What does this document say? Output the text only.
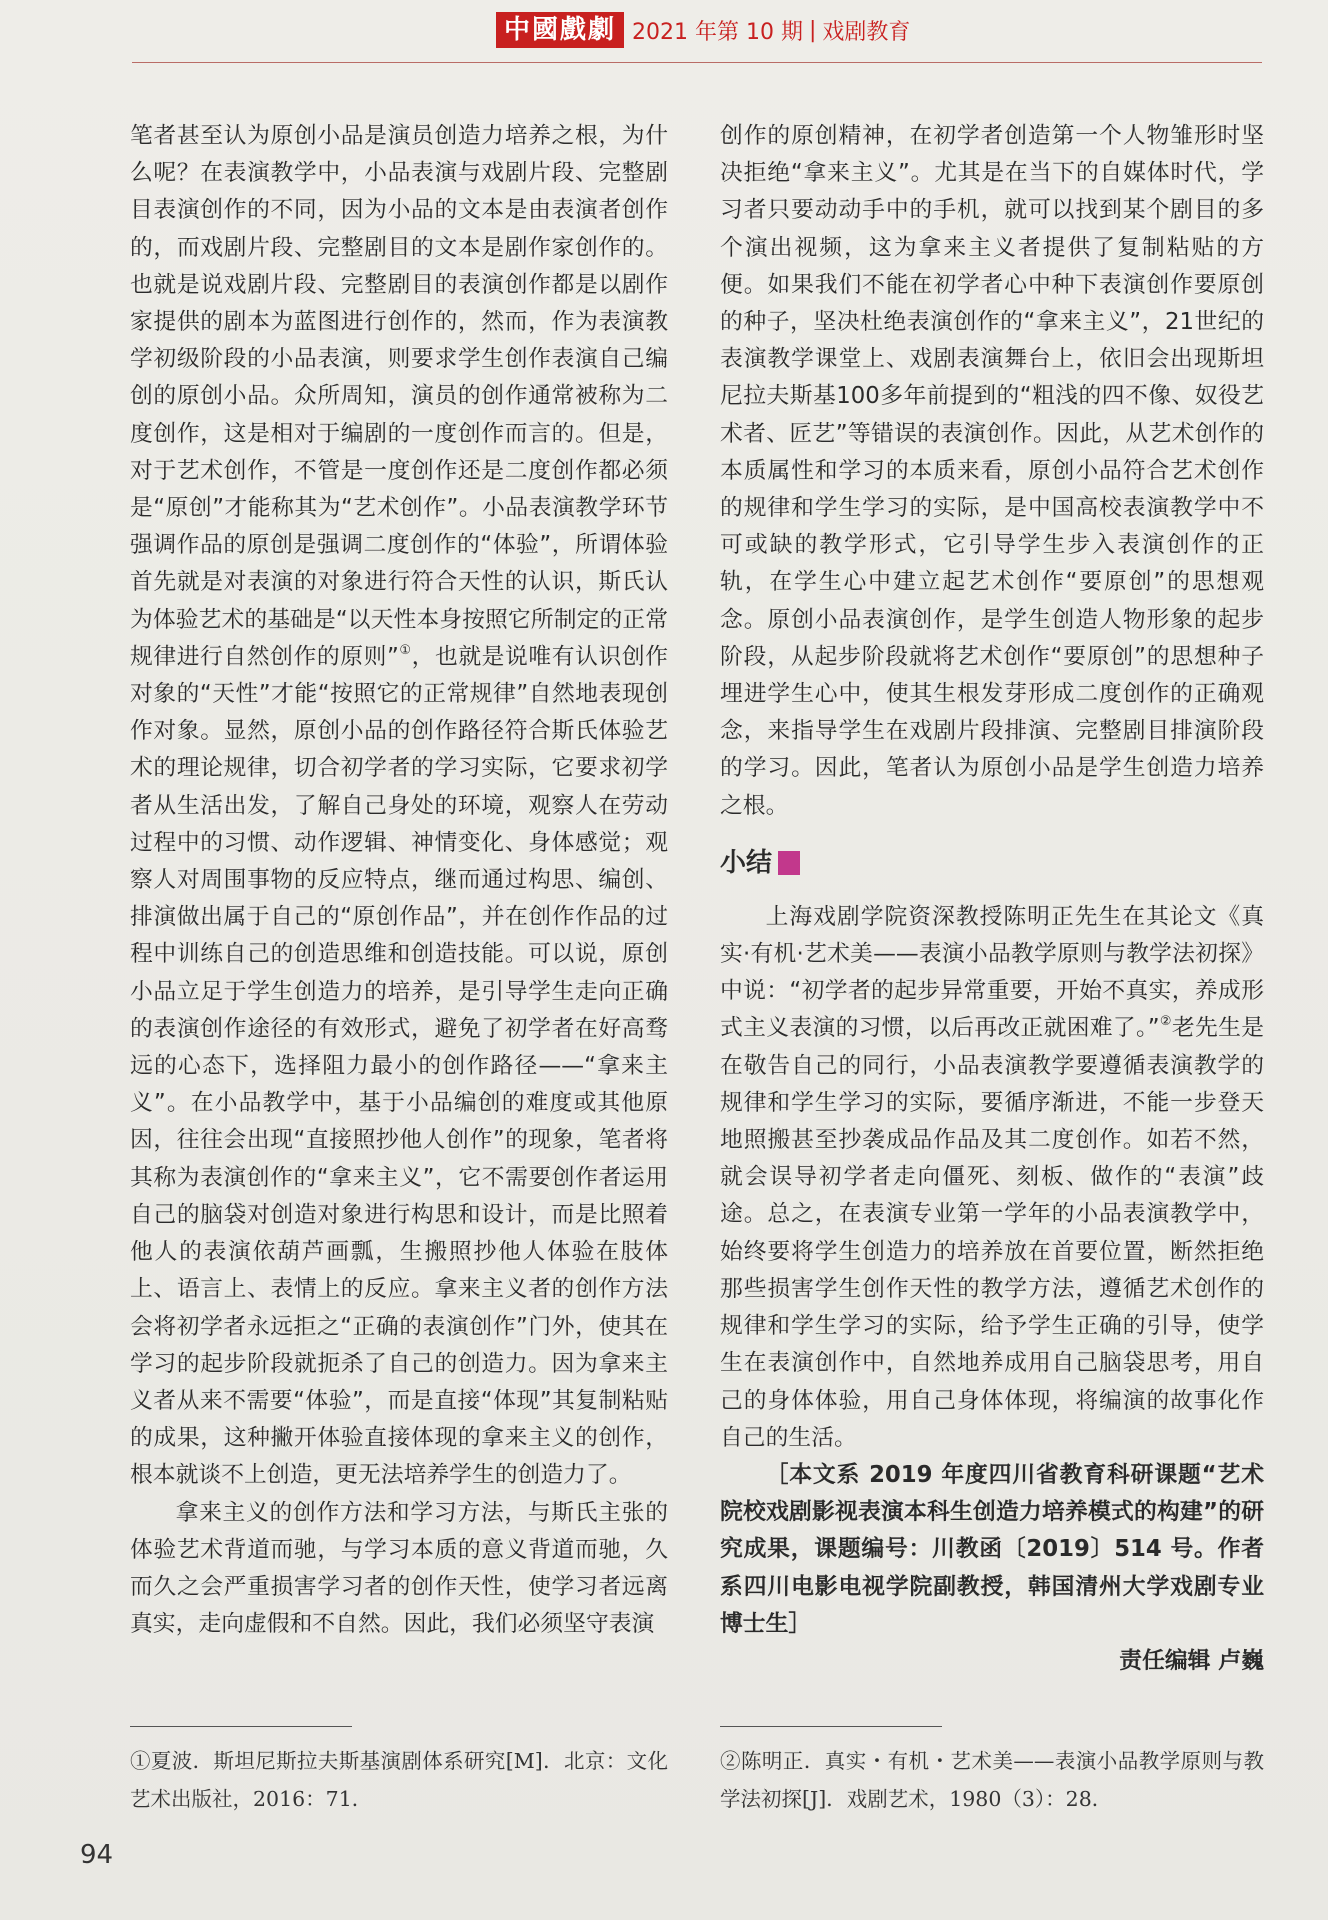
中國戲劇 2021 年第 10 期 | 戏剧教育

笔者甚至认为原创小品是演员创造力培养之根，为什么呢？在表演教学中，小品表演与戏剧片段、完整剧目表演创作的不同，因为小品的文本是由表演者创作的，而戏剧片段、完整剧目的文本是剧作家创作的。也就是说戏剧片段、完整剧目的表演创作都是以剧作家提供的剧本为蓝图进行创作的，然而，作为表演教学初级阶段的小品表演，则要求学生创作表演自己编创的原创小品。众所周知，演员的创作通常被称为二度创作，这是相对于编剧的一度创作而言的。但是，对于艺术创作，不管是一度创作还是二度创作都必须是“原创”才能称其为“艺术创作”。小品表演教学环节强调作品的原创是强调二度创作的“体验”，所谓体验首先就是对表演的对象进行符合天性的认识，斯氏认为体验艺术的基础是“以天性本身按照它所制定的正常规律进行自然创作的原则”①，也就是说唯有认识创作对象的“天性”才能“按照它的正常规律”自然地表现创作对象。显然，原创小品的创作路径符合斯氏体验艺术的理论规律，切合初学者的学习实际，它要求初学者从生活出发，了解自己身处的环境，观察人在劳动过程中的习惯、动作逻辑、神情变化、身体感觉；观察人对周围事物的反应特点，继而通过构思、编创、排演做出属于自己的“原创作品”，并在创作作品的过程中训练自己的创造思维和创造技能。可以说，原创小品立足于学生创造力的培养，是引导学生走向正确的表演创作途径的有效形式，避免了初学者在好高骛远的心态下，选择阻力最小的创作路径——“拿来主义”。在小品教学中，基于小品编创的难度或其他原因，往往会出现“直接照抄他人创作”的现象，笔者将其称为表演创作的“拿来主义”，它不需要创作者运用自己的脑袋对创造对象进行构思和设计，而是比照着他人的表演依葫芦画瓢，生搬照抄他人体验在肢体上、语言上、表情上的反应。拿来主义者的创作方法会将初学者永远拒之“正确的表演创作”门外，使其在学习的起步阶段就扼杀了自己的创造力。因为拿来主义者从来不需要“体验”，而是直接“体现”其复制粘贴的成果，这种撇开体验直接体现的拿来主义的创作，根本就谈不上创造，更无法培养学生的创造力了。

拿来主义的创作方法和学习方法，与斯氏主张的体验艺术背道而驰，与学习本质的意义背道而驰，久而久之会严重损害学习者的创作天性，使学习者远离真实，走向虚假和不自然。因此，我们必须坚守表演

创作的原创精神，在初学者创造第一个人物雏形时坚决拒绝“拿来主义”。尤其是在当下的自媒体时代，学习者只要动动手中的手机，就可以找到某个剧目的多个演出视频，这为拿来主义者提供了复制粘贴的方便。如果我们不能在初学者心中种下表演创作要原创的种子，坚决杜绝表演创作的“拿来主义”，21世纪的表演教学课堂上、戏剧表演舞台上，依旧会出现斯坦尼拉夫斯基100多年前提到的“粗浅的四不像、奴役艺术者、匠艺”等错误的表演创作。因此，从艺术创作的本质属性和学习的本质来看，原创小品符合艺术创作的规律和学生学习的实际，是中国高校表演教学中不可或缺的教学形式，它引导学生步入表演创作的正轨，在学生心中建立起艺术创作“要原创”的思想观念。原创小品表演创作，是学生创造人物形象的起步阶段，从起步阶段就将艺术创作“要原创”的思想种子埋进学生心中，使其生根发芽形成二度创作的正确观念，来指导学生在戏剧片段排演、完整剧目排演阶段的学习。因此，笔者认为原创小品是学生创造力培养之根。

小结

上海戏剧学院资深教授陈明正先生在其论文《真实·有机·艺术美——表演小品教学原则与教学法初探》中说：“初学者的起步异常重要，开始不真实，养成形式主义表演的习惯，以后再改正就困难了。”②老先生是在敬告自己的同行，小品表演教学要遵循表演教学的规律和学生学习的实际，要循序渐进，不能一步登天地照搬甚至抄袭成品作品及其二度创作。如若不然，就会误导初学者走向僵死、刻板、做作的“表演”歧途。总之，在表演专业第一学年的小品表演教学中，始终要将学生创造力的培养放在首要位置，断然拒绝那些损害学生创作天性的教学方法，遵循艺术创作的规律和学生学习的实际，给予学生正确的引导，使学生在表演创作中，自然地养成用自己脑袋思考，用自己的身体体验，用自己身体体现，将编演的故事化作自己的生活。

［本文系 2019 年度四川省教育科研课题“艺术院校戏剧影视表演本科生创造力培养模式的构建”的研究成果，课题编号：川教函〔2019〕514 号。作者系四川电影电视学院副教授，韩国清州大学戏剧专业博士生］

责任编辑 卢巍

①夏波．斯坦尼斯拉夫斯基演剧体系研究[M]．北京：文化艺术出版社，2016：71．
②陈明正．真实・有机・艺术美——表演小品教学原则与教学法初探[J]．戏剧艺术，1980（3）：28．
94
